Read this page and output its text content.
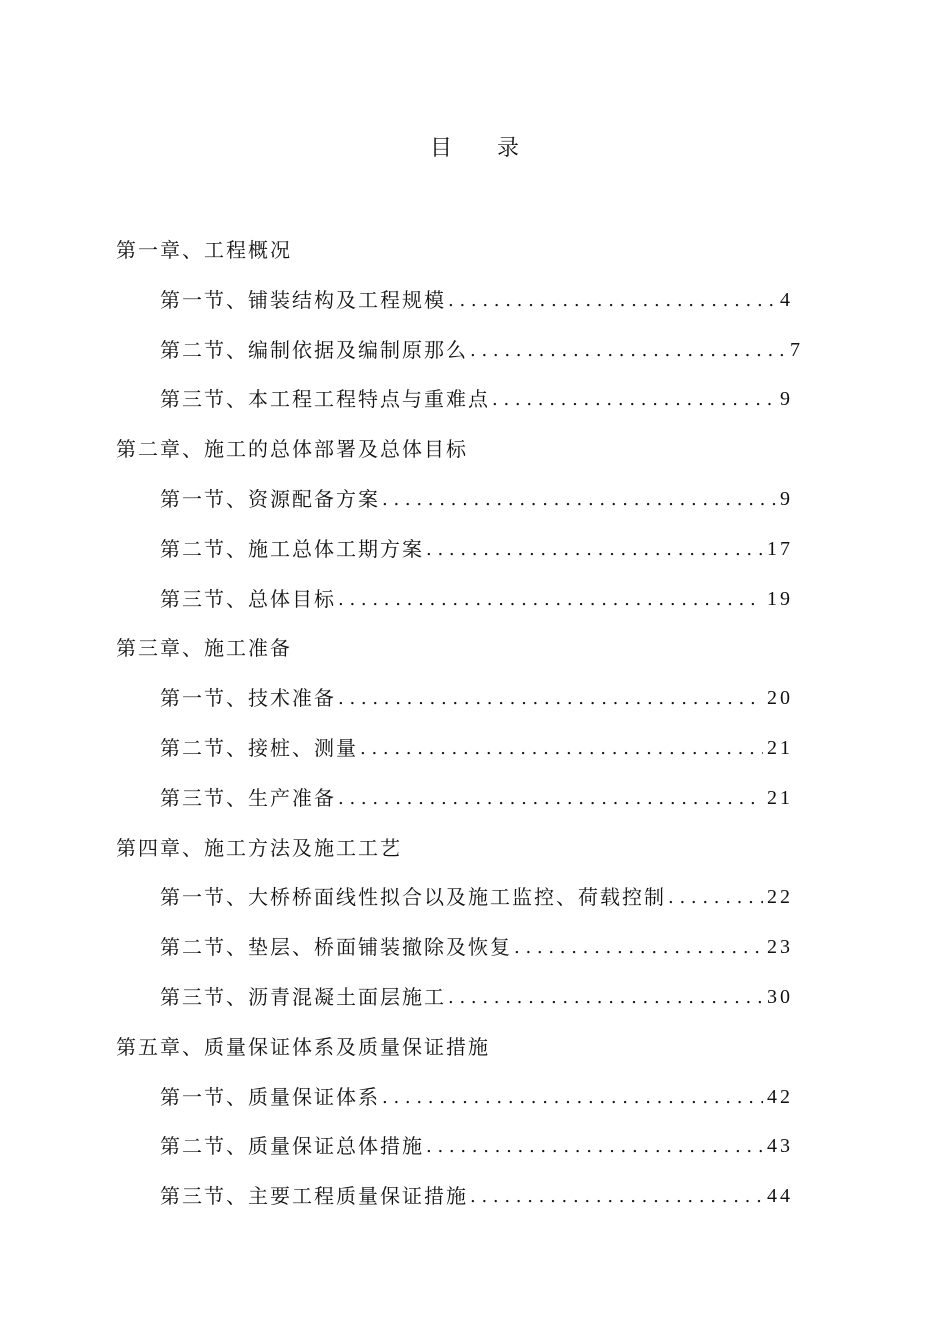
目 录
第一章、工程概况
第一节、铺装结构及工程规模 . . .	4
第二节、编制依据及编制原那么 . . .	7
第三节、本工程工程特点与重难点 . . .	9
第二章、施工的总体部署及总体目标
第一节、资源配备方案 . . .	9
第二节、施工总体工期方案 . . .	17
第三节、总体目标 . . .	19
第三章、施工准备
第一节、技术准备 . . .	20
第二节、接桩、测量 . . .	21
第三节、生产准备 . . .	21
第四章、施工方法及施工工艺
第一节、大桥桥面线性拟合以及施工监控、荷载控制 . . .	22
第二节、垫层、桥面铺装撤除及恢复 . . .	23
第三节、沥青混凝土面层施工 . . .	30
第五章、质量保证体系及质量保证措施
第一节、质量保证体系 . . .	42
第二节、质量保证总体措施 . . .	43
第三节、主要工程质量保证措施 . . .	44
